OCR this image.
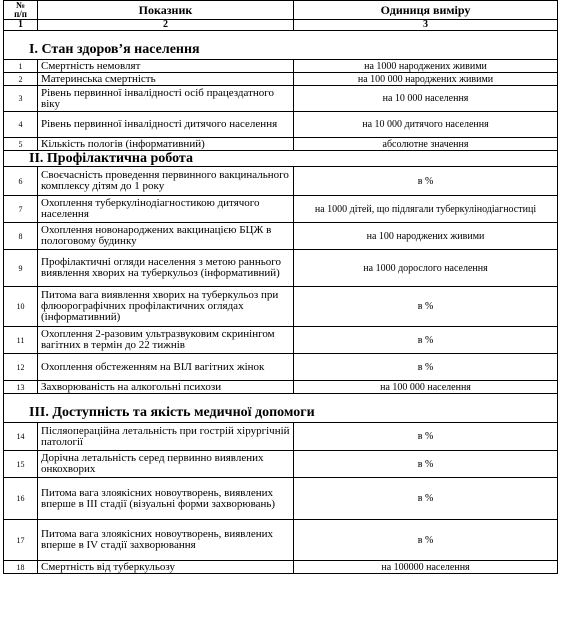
№
п/п	Показник	Одиниця виміру
1	2	3
I. Стан здоров’я населення		
1	Смертність немовлят	на 1000 народжених живими
2	Материнська смертність	на 100 000 народжених живими
3	Рівень первинної інвалідності осіб працездатного віку	на 10 000 населення
4	Рівень первинної інвалідності дитячого населення	на 10 000 дитячого населення
5	Кількість пологів (інформативний)	абсолютне значення
II. Профілактична робота		
6	Своєчасність проведення первинного вакцинального комплексу дітям до 1 року	в %
7	Охоплення туберкулінодіагностикою дитячого населення	на 1000 дітей, що підлягали туберкулінодіагностиці
8	Охоплення новонароджених вакцинацією БЦЖ в пологовому будинку	на 100 народжених живими
9	Профілактичні огляди населення з метою раннього виявлення хворих на туберкульоз (інформативний)	на 1000 дорослого населення
10	Питома вага виявлення хворих на туберкульоз при флюорографічних профілактичних оглядах (інформативний)	в %
11	Охоплення 2-разовим ультразвуковим скринінгом вагітних в термін до 22 тижнів	в %
12	Охоплення обстеженням на ВІЛ вагітних жінок	в %
13	Захворюваність на алкогольні психози	на 100 000 населення
III. Доступність та якість медичної допомоги		
14	Післяопераційна летальність при гострій хірургічній патології	в %
15	Дорічна летальність серед первинно виявлених онкохворих	в %
16	Питома вага злоякісних новоутворень, виявлених вперше в ІІІ стадії (візуальні форми захворювань)	в %
17	Питома вага злоякісних новоутворень, виявлених вперше в IV стадії захворювання	в %
18	Смертність від туберкульозу	на 100000 населення
